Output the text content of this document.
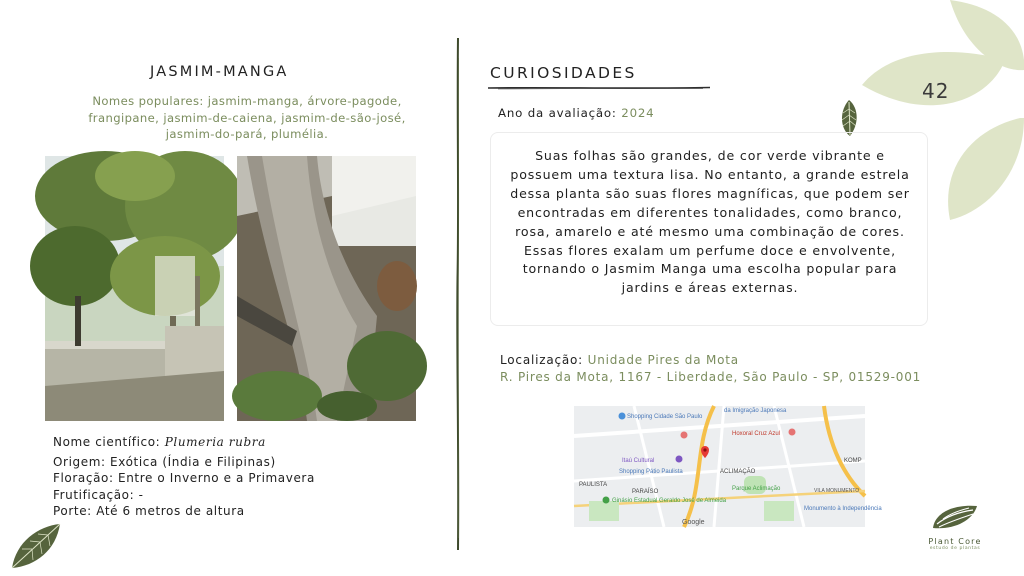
42
JASMIM-MANGA
Nomes populares: jasmim-manga, árvore-pagode, frangipane, jasmim-de-caiena, jasmim-de-são-josé, jasmim-do-pará, plumélia.
Nome científico: Plumeria rubra
Origem: Exótica (Índia e Filipinas)
Floração: Entre o Inverno e a Primavera
Frutificação: -
Porte: Até 6 metros de altura
CURIOSIDADES
Ano da avaliação: 2024
Suas folhas são grandes, de cor verde vibrante e possuem uma textura lisa. No entanto, a grande estrela dessa planta são suas flores magníficas, que podem ser encontradas em diferentes tonalidades, como branco, rosa, amarelo e até mesmo uma combinação de cores. Essas flores exalam um perfume doce e envolvente, tornando o Jasmim Manga uma escolha popular para jardins e áreas externas.
Localização: Unidade Pires da Mota
R. Pires da Mota, 1167 - Liberdade, São Paulo - SP, 01529-001
Shopping Cidade São Paulo
da Imigração Japonesa
Hoxoral Cruz Azul
Itaú Cultural
Shopping Pátio Paulista	ACLIMAÇÃO
PAULISTA
PARAÍSO	Parque Aclimação
Ginásio Estadual Geraldo José de Almeida
VILA MONUMENTO
Monumento à Independência
KOMP
Google
Plant Core
estudo de plantas
